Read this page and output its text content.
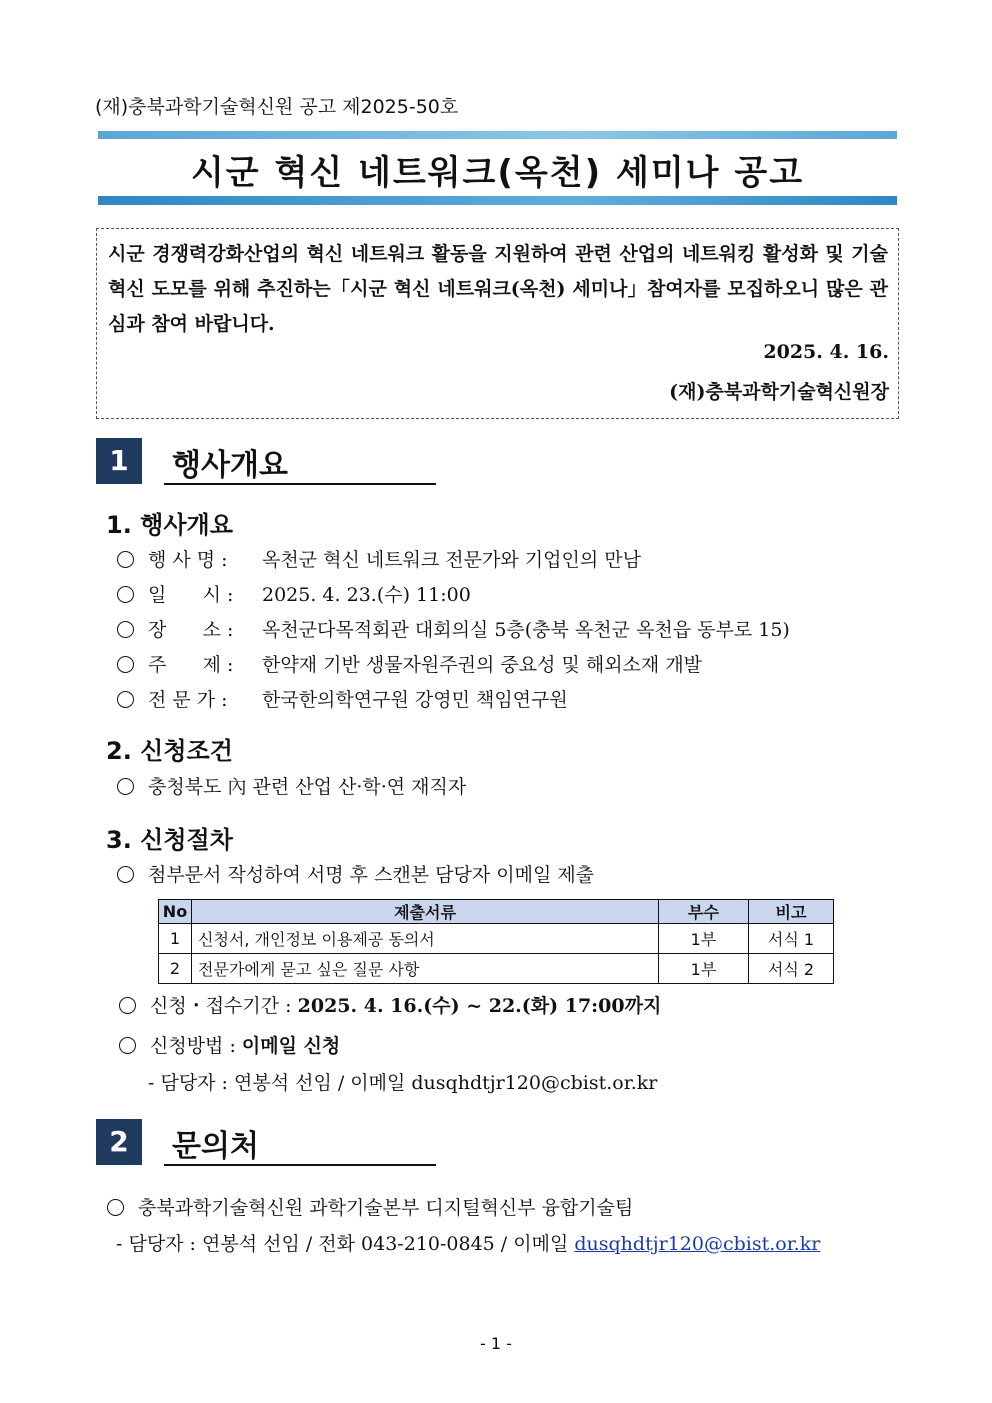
(재)충북과학기술혁신원 공고 제2025-50호
시군 혁신 네트워크(옥천) 세미나 공고
시군 경쟁력강화산업의 혁신 네트워크 활동을 지원하여 관련 산업의 네트워킹 활성화 및 기술혁신 도모를 위해 추진하는「시군 혁신 네트워크(옥천) 세미나」참여자를 모집하오니 많은 관심과 참여 바랍니다.
2025. 4. 16.
(재)충북과학기술혁신원장
1	행사개요
1. 행사개요
행 사 명 : 옥천군 혁신 네트워크 전문가와 기업인의 만남
일      시 : 2025. 4. 23.(수) 11:00
장      소 : 옥천군다목적회관 대회의실 5층(충북 옥천군 옥천읍 동부로 15)
주      제 : 한약재 기반 생물자원주권의 중요성 및 해외소재 개발
전 문 가 : 한국한의학연구원 강영민 책임연구원
2. 신청조건
충청북도 內 관련 산업 산·학·연 재직자
3. 신청절차
첨부문서 작성하여 서명 후 스캔본 담당자 이메일 제출
No	제출서류	부수	비고
1	신청서, 개인정보 이용제공 동의서	1부	서식 1
2	전문가에게 묻고 싶은 질문 사항	1부	서식 2
신청・접수기간 : 2025. 4. 16.(수) ~ 22.(화) 17:00까지
신청방법 : 이메일 신청
- 담당자 : 연봉석 선임 / 이메일 dusqhdtjr120@cbist.or.kr
2	문의처
충북과학기술혁신원 과학기술본부 디지털혁신부 융합기술팀
- 담당자 : 연봉석 선임 / 전화 043-210-0845 / 이메일 dusqhdtjr120@cbist.or.kr
- 1 -
